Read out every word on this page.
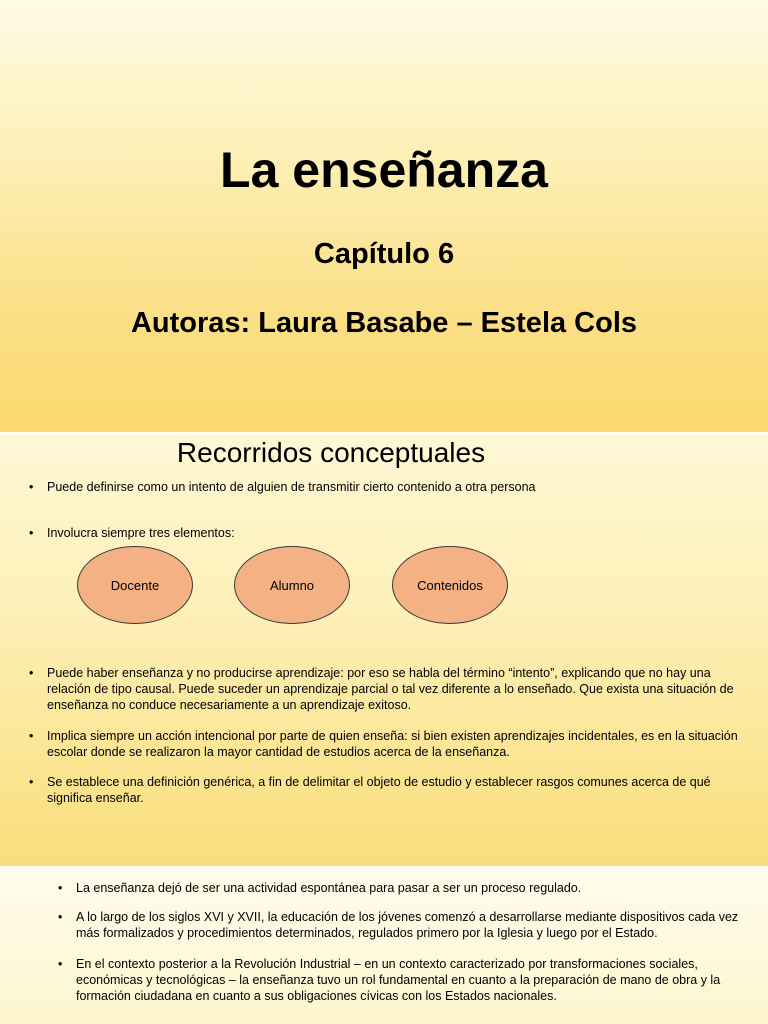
La enseñanza
Capítulo 6
Autoras: Laura Basabe – Estela Cols
Recorridos conceptuales
• Puede definirse como un intento de alguien de transmitir cierto contenido a otra persona
• Involucra siempre tres elementos:
Docente	Alumno	Contenidos
• Puede haber enseñanza y no producirse aprendizaje: por eso se habla del término “intento”, explicando que no hay una relación de tipo causal. Puede suceder un aprendizaje parcial o tal vez diferente a lo enseñado. Que exista una situación de enseñanza no conduce necesariamente a un aprendizaje exitoso.
• Implica siempre un acción intencional por parte de quien enseña: si bien existen aprendizajes incidentales, es en la situación escolar donde se realizaron la mayor cantidad de estudios acerca de la enseñanza.
• Se establece una definición genérica, a fin de delimitar el objeto de estudio y establecer rasgos comunes acerca de qué significa enseñar.
• La enseñanza dejó de ser una actividad espontánea para pasar a ser un proceso regulado.
• A lo largo de los siglos XVI y XVII, la educación de los jóvenes comenzó a desarrollarse mediante dispositivos cada vez más formalizados y procedimientos determinados, regulados primero por la Iglesia y luego por el Estado.
• En el contexto posterior a la Revolución Industrial – en un contexto caracterizado por transformaciones sociales, económicas y tecnológicas – la enseñanza tuvo un rol fundamental en cuanto a la preparación de mano de obra y la formación ciudadana en cuanto a sus obligaciones cívicas con los Estados nacionales.
